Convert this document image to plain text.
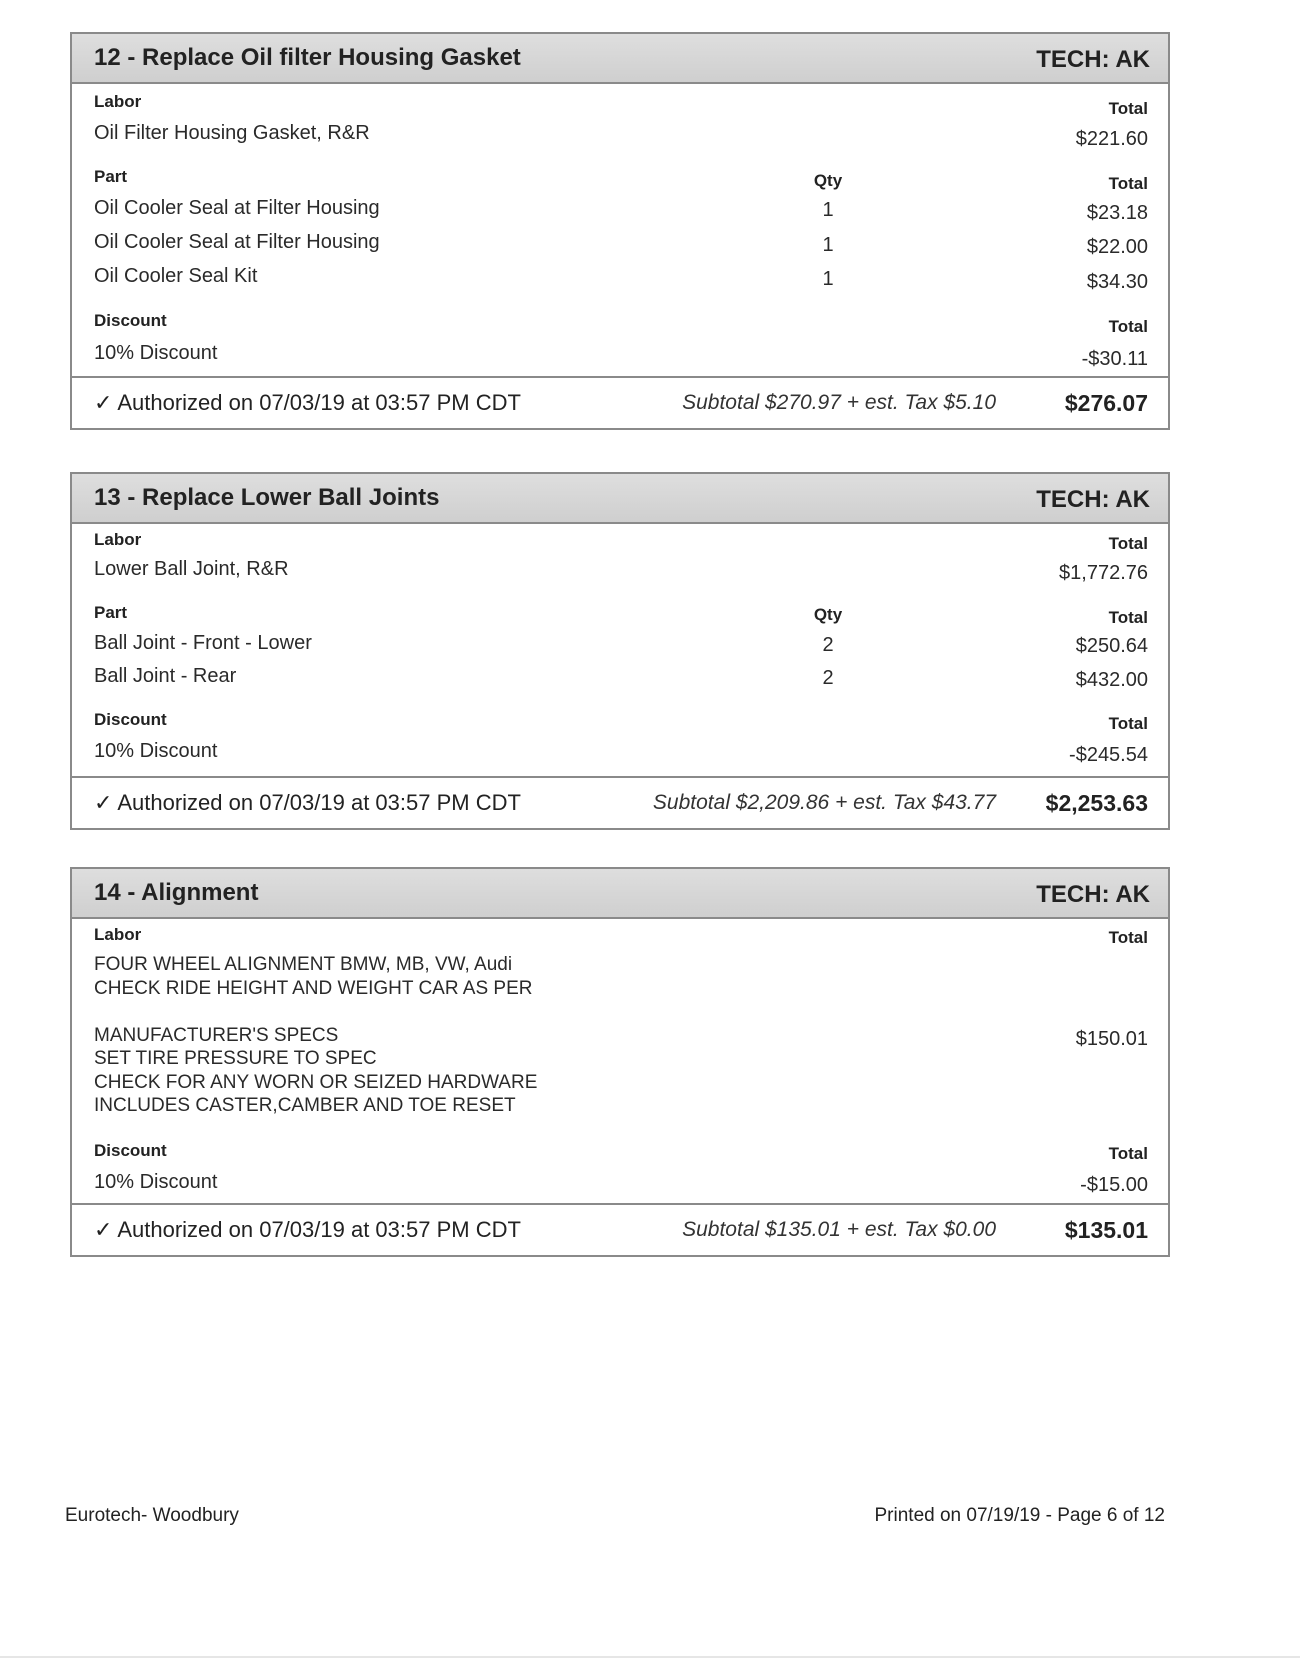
12 - Replace Oil filter Housing Gasket	TECH: AK
Labor	Total
Oil Filter Housing Gasket, R&R	$221.60
Part	Qty	Total
Oil Cooler Seal at Filter Housing	1	$23.18
Oil Cooler Seal at Filter Housing	1	$22.00
Oil Cooler Seal Kit	1	$34.30
Discount	Total
10% Discount	-$30.11
✓ Authorized on 07/03/19 at 03:57 PM CDT	Subtotal $270.97 + est. Tax $5.10	$276.07
13 - Replace Lower Ball Joints	TECH: AK
Labor	Total
Lower Ball Joint, R&R	$1,772.76
Part	Qty	Total
Ball Joint - Front - Lower	2	$250.64
Ball Joint - Rear	2	$432.00
Discount	Total
10% Discount	-$245.54
✓ Authorized on 07/03/19 at 03:57 PM CDT	Subtotal $2,209.86 + est. Tax $43.77 $2,253.63
14 - Alignment	TECH: AK
Labor	Total
FOUR WHEEL ALIGNMENT BMW, MB, VW, Audi
CHECK RIDE HEIGHT AND WEIGHT CAR AS PER
MANUFACTURER'S SPECS
SET TIRE PRESSURE TO SPEC
CHECK FOR ANY WORN OR SEIZED HARDWARE
INCLUDES CASTER,CAMBER AND TOE RESET
$150.01
Discount	Total
10% Discount	-$15.00
✓ Authorized on 07/03/19 at 03:57 PM CDT	Subtotal $135.01 + est. Tax $0.00	$135.01
Eurotech- Woodbury	Printed on 07/19/19 - Page 6 of 12
